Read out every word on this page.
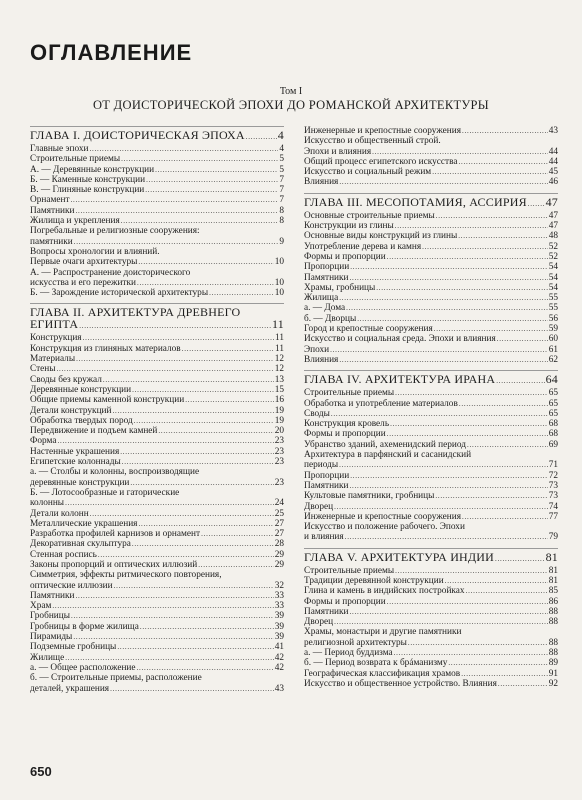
ОГЛАВЛЕНИЕ
Том I
ОТ ДОИСТОРИЧЕСКОЙ ЭПОХИ ДО РОМАНСКОЙ АРХИТЕКТУРЫ
ГЛАВА I. ДОИСТОРИЧЕСКАЯ ЭПОХА . . .	4
Главные эпохи . . .	4
Строительные приемы . . .	5
А. — Деревянные конструкции . . .	5
Б. — Каменные конструкции . . .	7
В. — Глиняные конструкции . . .	7
Орнамент . . .	7
Памятники . . .	8
Жилища и укрепления . . .	8
Погребальные и религиозные сооружения:
памятники . . .	9
Вопросы хронологии и влияний.
Первые очаги архитектуры . . .	10
А. — Распространение доисторического
искусства и его пережитки . . .	10
Б. — Зарождение исторической архитектуры . . .	10
ГЛАВА II. АРХИТЕКТУРА ДРЕВНЕГО
ЕГИПТА . . .	11
Конструкция . . .	11
Конструкция из глиняных материалов . . .	11
Материалы . . .	12
Стены . . .	12
Своды без кружал . . .	13
Деревянные конструкции . . .	15
Общие приемы каменной конструкции . . .	16
Детали конструкций . . .	19
Обработка твердых пород . . .	19
Передвижение и подъем камней . . .	20
Форма . . .	23
Настенные украшения . . .	23
Египетские колоннады . . .	23
а. — Столбы и колонны, воспроизводящие
деревянные конструкции . . .	23
Б. — Лотосообразные и гаторические
колонны . . .	24
Детали колонн . . .	25
Металлические украшения . . .	27
Разработка профилей карнизов и орнамент . . .	27
Декоративная скульптура . . .	28
Стенная роспись . . .	29
Законы пропорций и оптических иллюзий . . .	29
Симметрия, эффекты ритмического повторения,
оптические иллюзии . . .	32
Памятники . . .	33
Храм . . .	33
Гробницы . . .	39
Гробницы в форме жилища . . .	39
Пирамиды . . .	39
Подземные гробницы . . .	41
Жилище . . .	42
а. — Общее расположение . . .	42
б. — Строительные приемы, расположение
деталей, украшения . . .	43
Инженерные и крепостные сооружения . . .	43
Искусство и общественный строй.
Эпохи и влияния . . .	44
Общий процесс египетского искусства . . .	44
Искусство и социальный режим . . .	45
Влияния . . .	46
ГЛАВА III. МЕСОПОТАМИЯ, АССИРИЯ . . . 47
Основные строительные приемы . . .	47
Конструкции из глины . . .	47
Основные виды конструкций из глины . . .	48
Употребление дерева и камня . . .	52
Формы и пропорции . . .	52
Пропорции . . .	54
Памятники . . .	54
Храмы, гробницы . . .	54
Жилища . . .	55
а. — Дома . . .	55
б. — Дворцы . . .	56
Город и крепостные сооружения . . .	59
Искусство и социальная среда. Эпохи и влияния . . .	60
Эпохи . . .	61
Влияния . . .	62
ГЛАВА IV. АРХИТЕКТУРА ИРАНА . . .	64
Строительные приемы . . .	65
Обработка и употребление материалов . . .	65
Своды . . .	65
Конструкция кровель . . .	68
Формы и пропорции . . .	68
Убранство зданий, ахеменидский период . . .	69
Архитектура в парфянский и сасанидский
периоды . . .	71
Пропорции . . .	72
Памятники . . .	73
Культовые памятники, гробницы . . .	73
Дворец . . .	74
Инженерные и крепостные сооружения . . .	77
Искусство и положение рабочего. Эпохи
и влияния . . .	79
ГЛАВА V. АРХИТЕКТУРА ИНДИИ . . .	81
Строительные приемы . . .	81
Традиции деревянной конструкции . . .	81
Глина и камень в индийских постройках . . .	85
Формы и пропорции . . .	86
Памятники . . .	88
Дворец . . .	88
Храмы, монастыри и другие памятники
религиозной архитектуры . . .	88
а. — Период буддизма . . .	88
б. — Период возврата к брáманизму . . .	89
Географическая классификация храмов . . .	91
Искусство и общественное устройство. Влияния . . .	92
650
